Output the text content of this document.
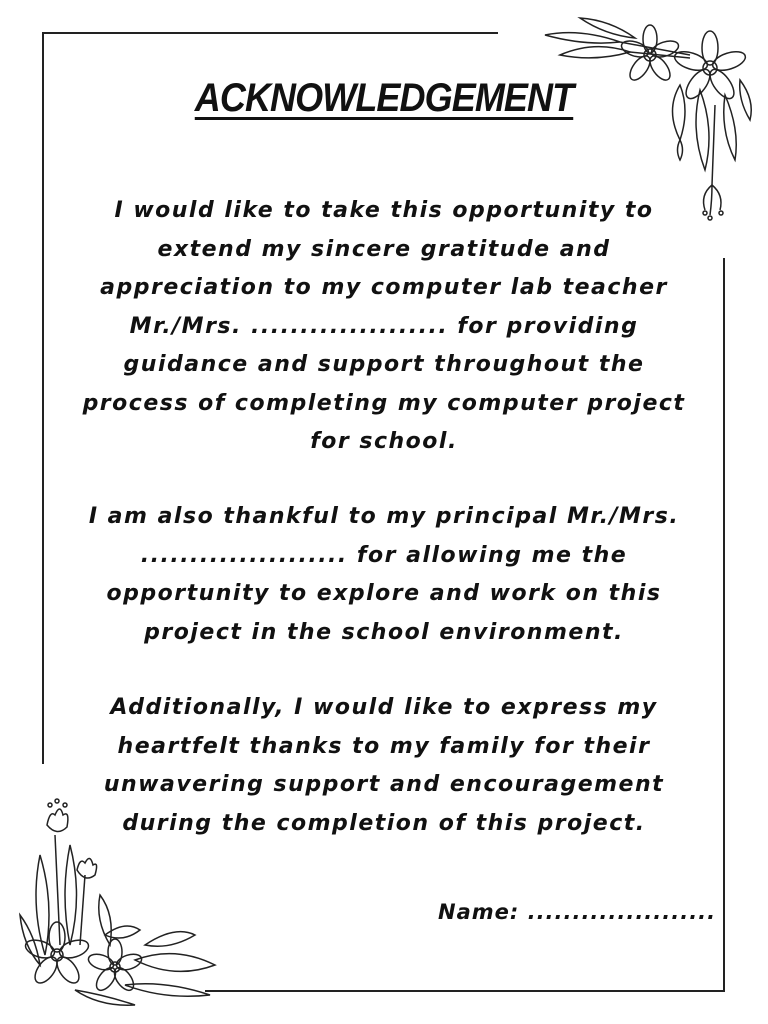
ACKNOWLEDGEMENT

I would like to take this opportunity to extend my sincere gratitude and appreciation to my computer lab teacher Mr./Mrs. .................... for providing guidance and support throughout the process of completing my computer project for school.

I am also thankful to my principal Mr./Mrs. ..................... for allowing me the opportunity to explore and work on this project in the school environment.

Additionally, I would like to express my heartfelt thanks to my family for their unwavering support and encouragement during the completion of this project.

Name: .....................
